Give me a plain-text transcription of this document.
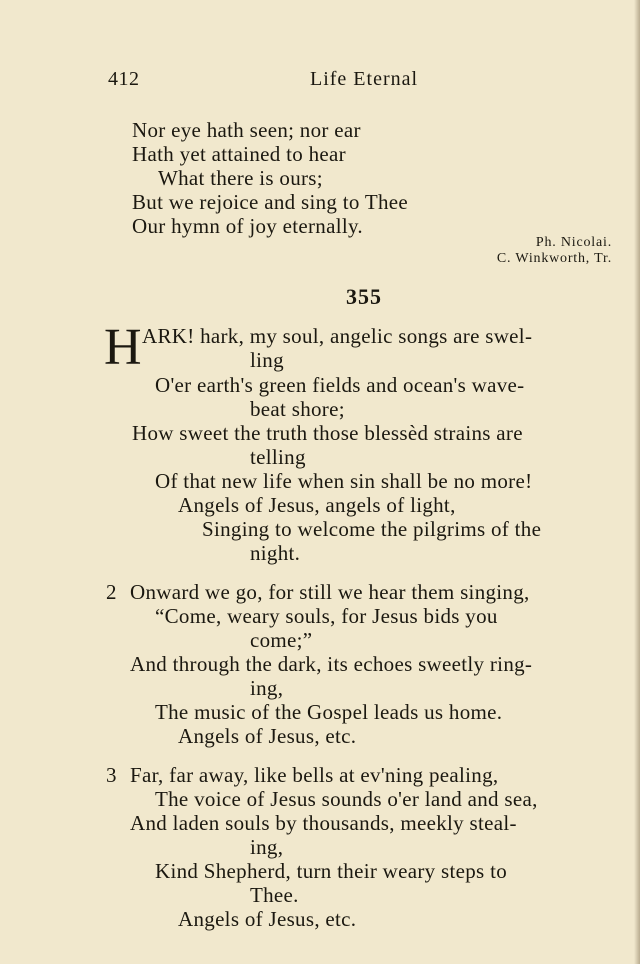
412	Life Eternal
Nor eye hath seen; nor ear
Hath yet attained to hear
What there is ours;
But we rejoice and sing to Thee
Our hymn of joy eternally.
Ph. Nicolai.
C. Winkworth, Tr.
355
H ARK! hark, my soul, angelic songs are swel-
ling
O'er earth's green fields and ocean's wave-
beat shore;
How sweet the truth those blessèd strains are
telling
Of that new life when sin shall be no more!
Angels of Jesus, angels of light,
Singing to welcome the pilgrims of the
night.
2 Onward we go, for still we hear them singing,
“Come, weary souls, for Jesus bids you
come;”
And through the dark, its echoes sweetly ring-
ing,
The music of the Gospel leads us home.
Angels of Jesus, etc.
3 Far, far away, like bells at ev'ning pealing,
The voice of Jesus sounds o'er land and sea,
And laden souls by thousands, meekly steal-
ing,
Kind Shepherd, turn their weary steps to
Thee.
Angels of Jesus, etc.
